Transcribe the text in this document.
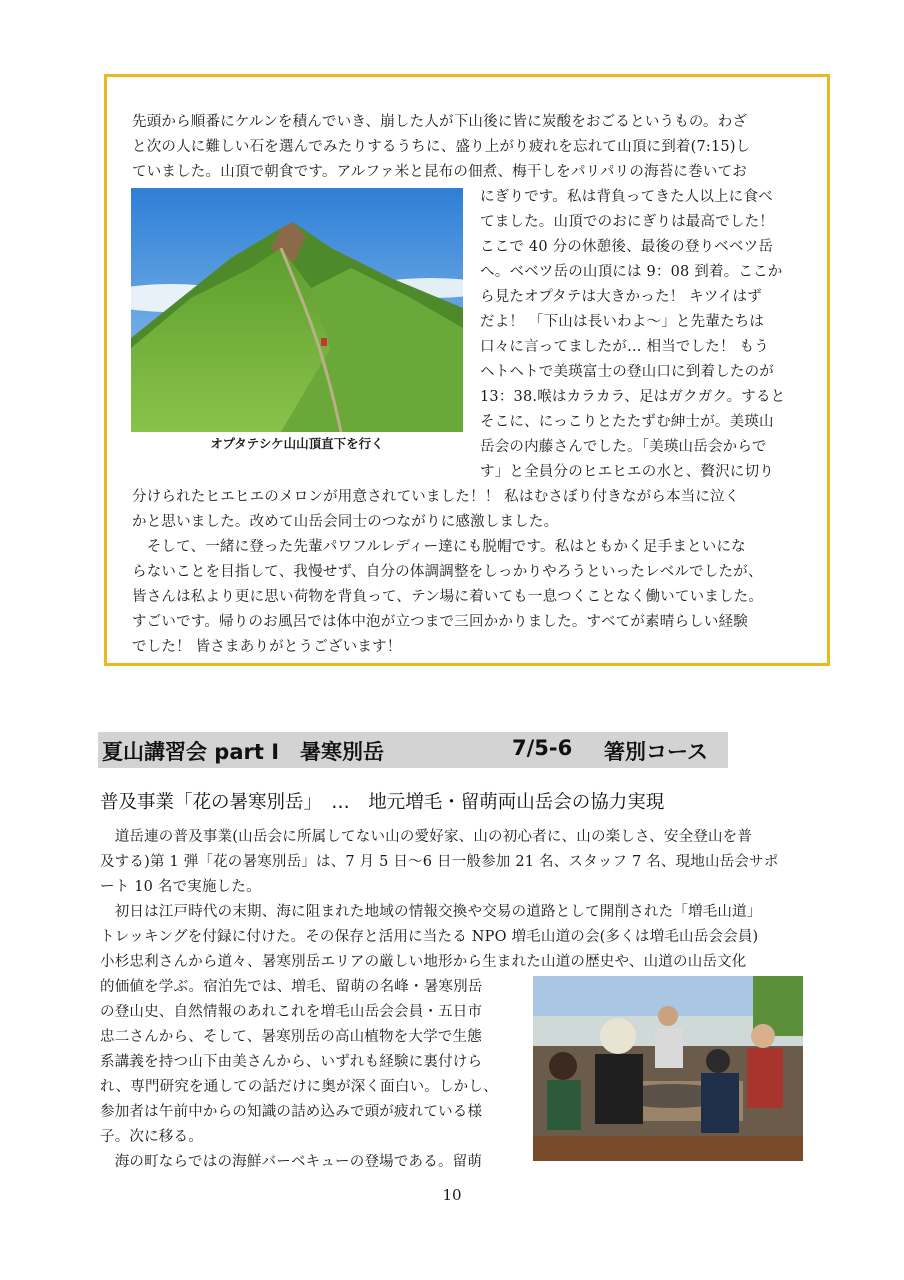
オプタテシケ山山頂直下を行く
先頭から順番にケルンを積んでいき、崩した人が下山後に皆に炭酸をおごるというもの。わざ
と次の人に難しい石を選んでみたりするうちに、盛り上がり疲れを忘れて山頂に到着(7:15)し
ていました。山頂で朝食です。アルファ米と昆布の佃煮、梅干しをパリパリの海苔に巻いてお
にぎりです。私は背負ってきた人以上に食べ
てました。山頂でのおにぎりは最高でした！
ここで 40 分の休憩後、最後の登りベベツ岳
へ。ベベツ岳の山頂には 9：08 到着。ここか
ら見たオプタテは大きかった！ キツイはず
だよ！ 「下山は長いわよ～」と先輩たちは
口々に言ってましたが… 相当でした！ もう
ヘトヘトで美瑛富士の登山口に到着したのが
13：38.喉はカラカラ、足はガクガク。すると
そこに、にっこりとたたずむ紳士が。美瑛山
岳会の内藤さんでした。「美瑛山岳会からで
す」と全員分のヒエヒエの水と、贅沢に切り
分けられたヒエヒエのメロンが用意されていました！！ 私はむさぼり付きながら本当に泣く
かと思いました。改めて山岳会同士のつながりに感激しました。
　そして、一緒に登った先輩パワフルレディー達にも脱帽です。私はともかく足手まといにな
らないことを目指して、我慢せず、自分の体調調整をしっかりやろうといったレベルでしたが、
皆さんは私より更に思い荷物を背負って、テン場に着いても一息つくことなく働いていました。
すごいです。帰りのお風呂では体中泡が立つまで三回かかりました。すべてが素晴らしい経験
でした！ 皆さまありがとうございます！
夏山講習会 part I　暑寒別岳	7/5-6 箸別コース
普及事業「花の暑寒別岳」　…　地元増毛・留萌両山岳会の協力実現
　道岳連の普及事業(山岳会に所属してない山の愛好家、山の初心者に、山の楽しさ、安全登山を普
及する)第 1 弾「花の暑寒別岳」は、7 月 5 日～6 日一般参加 21 名、スタッフ 7 名、現地山岳会サポ
ート 10 名で実施した。
　初日は江戸時代の末期、海に阻まれた地域の情報交換や交易の道路として開削された「増毛山道」
トレッキングを付録に付けた。その保存と活用に当たる NPO 増毛山道の会(多くは増毛山岳会会員)
小杉忠利さんから道々、暑寒別岳エリアの厳しい地形から生まれた山道の歴史や、山道の山岳文化
的価値を学ぶ。宿泊先では、増毛、留萌の名峰・暑寒別岳
の登山史、自然情報のあれこれを増毛山岳会会員・五日市
忠二さんから、そして、暑寒別岳の高山植物を大学で生態
系講義を持つ山下由美さんから、いずれも経験に裏付けら
れ、専門研究を通しての話だけに奥が深く面白い。しかし、
参加者は午前中からの知識の詰め込みで頭が疲れている様
子。次に移る。
　海の町ならではの海鮮バーベキューの登場である。留萌
10
